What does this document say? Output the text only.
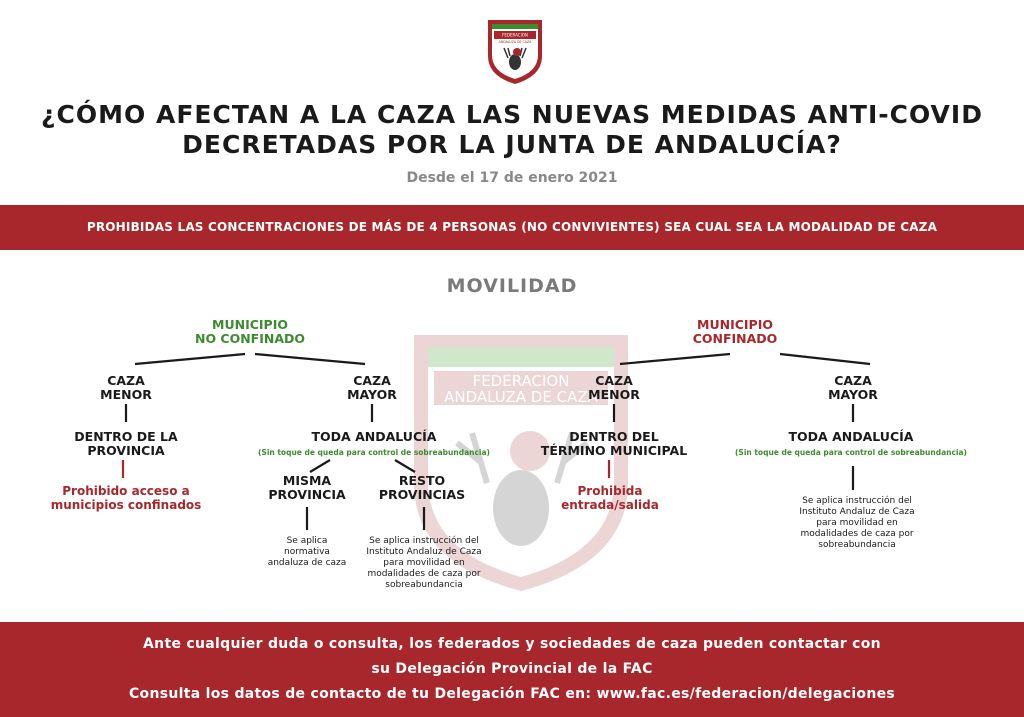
FEDERACION
ANDALUZA DE CAZA
¿CÓMO AFECTAN A LA CAZA LAS NUEVAS MEDIDAS ANTI-COVID
DECRETADAS POR LA JUNTA DE ANDALUCÍA?
Desde el 17 de enero 2021
PROHIBIDAS LAS CONCENTRACIONES DE MÁS DE 4 PERSONAS (NO CONVIVIENTES) SEA CUAL SEA LA MODALIDAD DE CAZA
MOVILIDAD
FEDERACION
ANDALUZA DE CAZA
MUNICIPIO
NO CONFINADO
CAZA
MENOR
CAZA
MAYOR
DENTRO DE LA
PROVINCIA
Prohibido acceso a
municipios confinados
TODA ANDALUCÍA
(Sin toque de queda para control de sobreabundancia)
MISMA
PROVINCIA
RESTO
PROVINCIAS
Se aplica
normativa
andaluza de caza
Se aplica instrucción del
Instituto Andaluz de Caza
para movilidad en
modalidades de caza por
sobreabundancia
MUNICIPIO
CONFINADO
CAZA
MENOR
CAZA
MAYOR
DENTRO DEL
TÉRMINO MUNICIPAL
Prohibida
entrada/salida
TODA ANDALUCÍA
(Sin toque de queda para control de sobreabundancia)
Se aplica instrucción del
Instituto Andaluz de Caza
para movilidad en
modalidades de caza por
sobreabundancia
Ante cualquier duda o consulta, los federados y sociedades de caza pueden contactar con
su Delegación Provincial de la FAC
Consulta los datos de contacto de tu Delegación FAC en: www.fac.es/federacion/delegaciones
